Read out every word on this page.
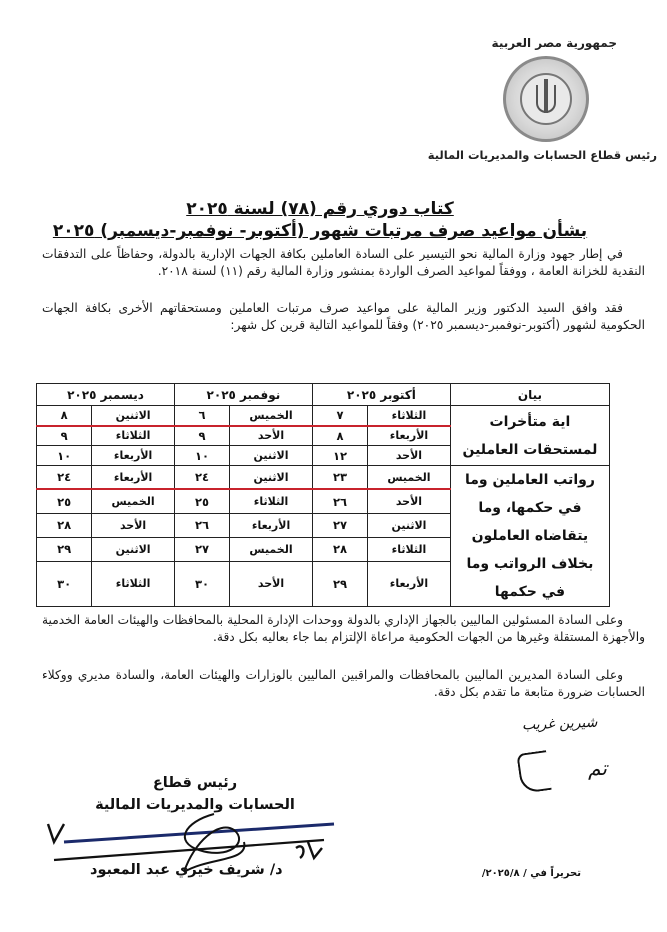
جمهورية مصر العربية
رئيس قطاع الحسابات والمديريات المالية
كتاب دوري رقم (٧٨) لسنة ٢٠٢٥
بشأن مواعيد صرف مرتبات شهور (أكتوبر- نوفمبر-ديسمبر) ٢٠٢٥

في إطار جهود وزارة المالية نحو التيسير على السادة العاملين بكافة الجهات الإدارية بالدولة، وحفاظاً على التدفقات النقدية للخزانة العامة ، ووفقاً لمواعيد الصرف الواردة بمنشور وزارة المالية رقم (١١) لسنة ٢٠١٨.

فقد وافق السيد الدكتور وزير المالية على مواعيد صرف مرتبات العاملين ومستحقاتهم الأخرى بكافة الجهات الحكومية لشهور (أكتوبر-نوفمبر-ديسمبر ٢٠٢٥) وفقاً للمواعيد التالية قرين كل شهر:

بيان	أكتوبر ٢٠٢٥		نوفمبر ٢٠٢٥		ديسمبر ٢٠٢٥	
اية متأخرات لمستحقات العاملين	الثلاثاء	٧	الخميس	٦	الاثنين	٨
	الأربعاء	٨	الأحد	٩	الثلاثاء	٩
	الأحد	١٢	الاثنين	١٠	الأربعاء	١٠
رواتب العاملين وما في حكمها، وما يتقاضاه العاملون بخلاف الرواتب وما في حكمها	الخميس	٢٣	الاثنين	٢٤	الأربعاء	٢٤
	الأحد	٢٦	الثلاثاء	٢٥	الخميس	٢٥
	الاثنين	٢٧	الأربعاء	٢٦	الأحد	٢٨
	الثلاثاء	٢٨	الخميس	٢٧	الاثنين	٢٩
	الأربعاء	٢٩	الأحد	٣٠	الثلاثاء	٣٠

وعلى السادة المسئولين الماليين بالجهاز الإداري بالدولة ووحدات الإدارة المحلية بالمحافظات والهيئات العامة الخدمية والأجهزة المستقلة وغيرها من الجهات الحكومية مراعاة الإلتزام بما جاء بعاليه بكل دقة.

وعلى السادة المديرين الماليين بالمحافظات والمراقبين الماليين بالوزارات والهيئات العامة، والسادة مديري ووكلاء الحسابات ضرورة متابعة ما تقدم بكل دقة.

شيرين غريب
تم
رئيس قطاع
الحسابات والمديريات المالية
د/ شريف خيري عبد المعبود	تحريراً في / ٢٠٢٥/٨/
